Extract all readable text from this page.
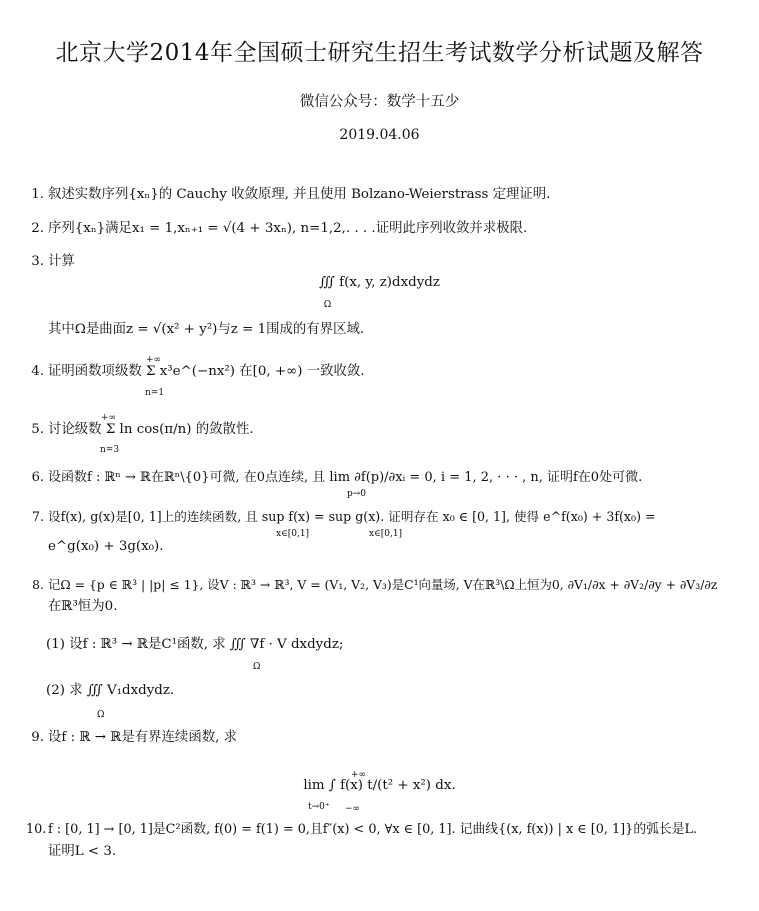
北京大学2014年全国硕士研究生招生考试数学分析试题及解答
微信公众号：数学十五少
2019.04.06
1. 叙述实数序列{xₙ}的 Cauchy 收敛原理, 并且使用 Bolzano-Weierstrass 定理证明.
2. 序列{xₙ}满足x₁ = 1,xₙ₊₁ = √(4 + 3xₙ), n=1,2,. . . .证明此序列收敛并求极限.
3. 计算
∭ f(x, y, z)dxdydz
Ω
其中Ω是曲面z = √(x² + y²)与z = 1围成的有界区域.
+∞
4. 证明函数项级数 Σ x³e^(−nx²) 在[0, +∞) 一致收敛.
n=1
+∞
5. 讨论级数 Σ ln cos(π/n) 的敛散性.
n=3
6. 设函数f : ℝⁿ → ℝ在ℝⁿ\{0}可微, 在0点连续, 且 lim ∂f(p)/∂xᵢ = 0, i = 1, 2, · · · , n, 证明f在0处可微.
p→0
7. 设f(x), g(x)是[0, 1]上的连续函数, 且 sup f(x) = sup g(x). 证明存在 x₀ ∈ [0, 1], 使得 e^f(x₀) + 3f(x₀) =
x∈[0,1]	x∈[0,1]
e^g(x₀) + 3g(x₀).
8. 记Ω = {p ∈ ℝ³ | |p| ≤ 1}, 设V : ℝ³ → ℝ³, V = (V₁, V₂, V₃)是C¹向量场, V在ℝ³\Ω上恒为0, ∂V₁/∂x + ∂V₂/∂y + ∂V₃/∂z
在ℝ³恒为0.
(1) 设f : ℝ³ → ℝ是C¹函数, 求 ∭ ∇f · V dxdydz;
Ω
(2) 求 ∭ V₁dxdydz.
Ω
9. 设f : ℝ → ℝ是有界连续函数, 求
+∞
lim ∫ f(x) t/(t² + x²) dx.
t→0⁺ −∞
10. f : [0, 1] → [0, 1]是C²函数, f(0) = f(1) = 0,且f″(x) < 0, ∀x ∈ [0, 1]. 记曲线{(x, f(x)) | x ∈ [0, 1]}的弧长是L.
证明L < 3.
